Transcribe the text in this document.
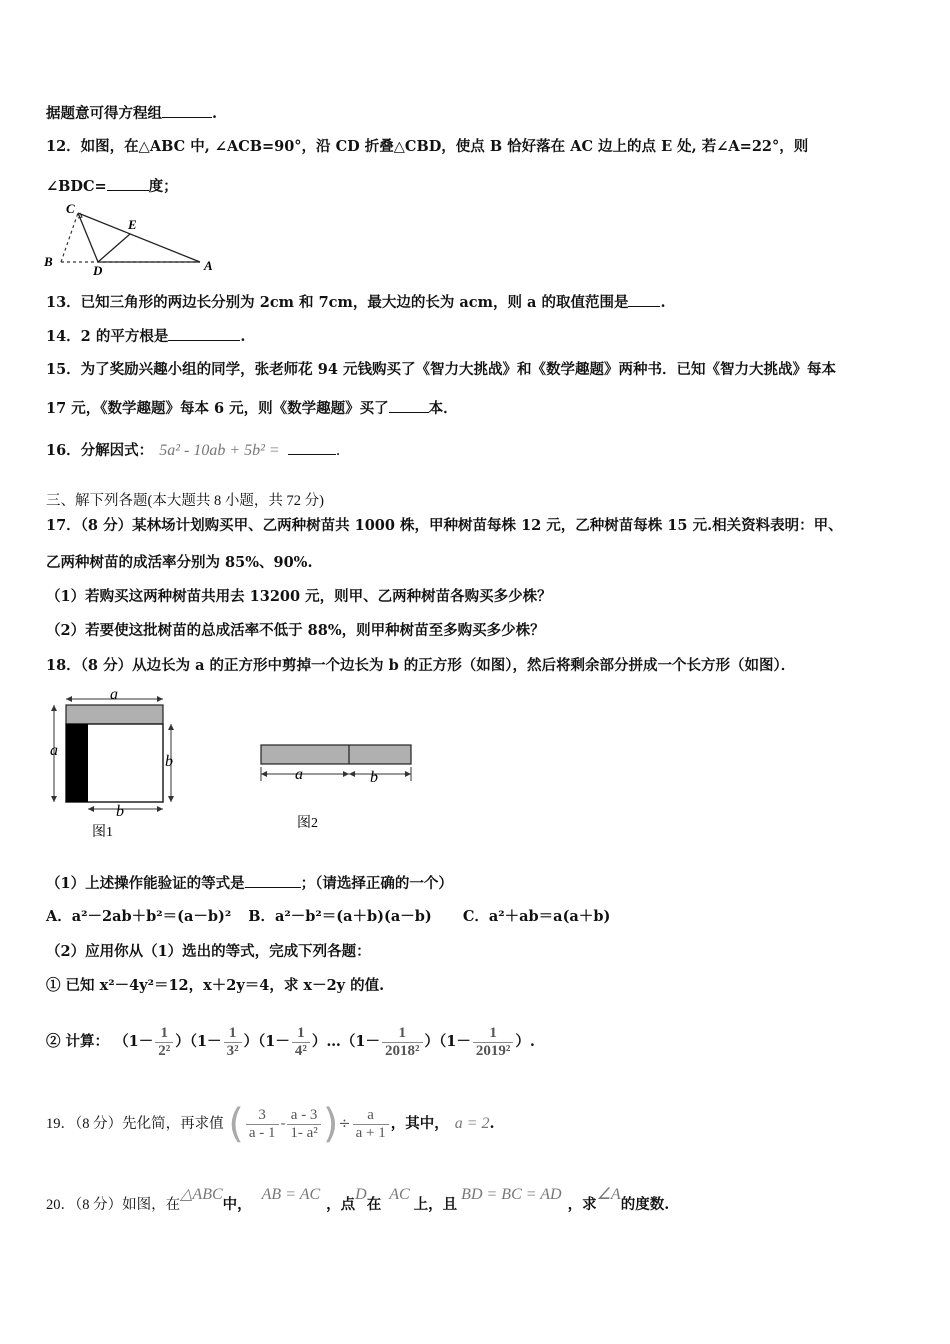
据题意可得方程组	.
12．如图，在△ABC 中, ∠ACB=90°，沿 CD 折叠△CBD，使点 B 恰好落在 AC 边上的点 E 处, 若∠A=22°，则
∠BDC=	度；
C
E
B
D	A
13．已知三角形的两边长分别为 2cm 和 7cm，最大边的长为 acm，则 a 的取值范围是 .
14．2 的平方根是	.
15．为了奖励兴趣小组的同学，张老师花 94 元钱购买了《智力大挑战》和《数学趣题》两种书．已知《智力大挑战》每本
17 元，《数学趣题》每本 6 元，则《数学趣题》买了	本．
16．分解因式： 5a² - 10ab + 5b² =	.
三、解下列各题(本大题共 8 小题，共 72 分)
17．（8 分）某林场计划购买甲、乙两种树苗共 1000 株，甲种树苗每株 12 元，乙种树苗每株 15 元.相关资料表明：甲、
乙两种树苗的成活率分别为 85%、90%.
（1）若购买这两种树苗共用去 13200 元，则甲、乙两种树苗各购买多少株？
（2）若要使这批树苗的总成活率不低于 88%，则甲种树苗至多购买多少株？
18．（8 分）从边长为 a 的正方形中剪掉一个边长为 b 的正方形（如图），然后将剩余部分拼成一个长方形（如图）．
a
a
b
b
图1
a	b
图2
（1）上述操作能验证的等式是	；（请选择正确的一个）
A．a²－2ab＋b²＝(a－b)² B．a²－b²＝(a＋b)(a－b) C．a²＋ab＝a(a＋b)
（2）应用你从（1）选出的等式，完成下列各题：
① 已知 x²－4y²＝12，x＋2y＝4，求 x－2y 的值.
② 计算： $(1- \frac{1}{\text{2²}} )(1- \frac{1}{\text{3²}} )(1- \frac{1}{\text{4²}}$ ）…（1－ $\frac{1}{\text{2018²}} )(1- \frac{1}{\text{2019²}}$ ）.
19．（8 分）先化简，再求值 ( $\frac{3}{a - 1} - \frac{a - 3}{\text{1- a²}}$ )÷ $\frac{a}{a + 1}$ ，其中， a = 2.
20．（8 分）如图，在△ABC中，AB = AC，点D在AC上，且BD = BC = AD，求∠A的度数.
